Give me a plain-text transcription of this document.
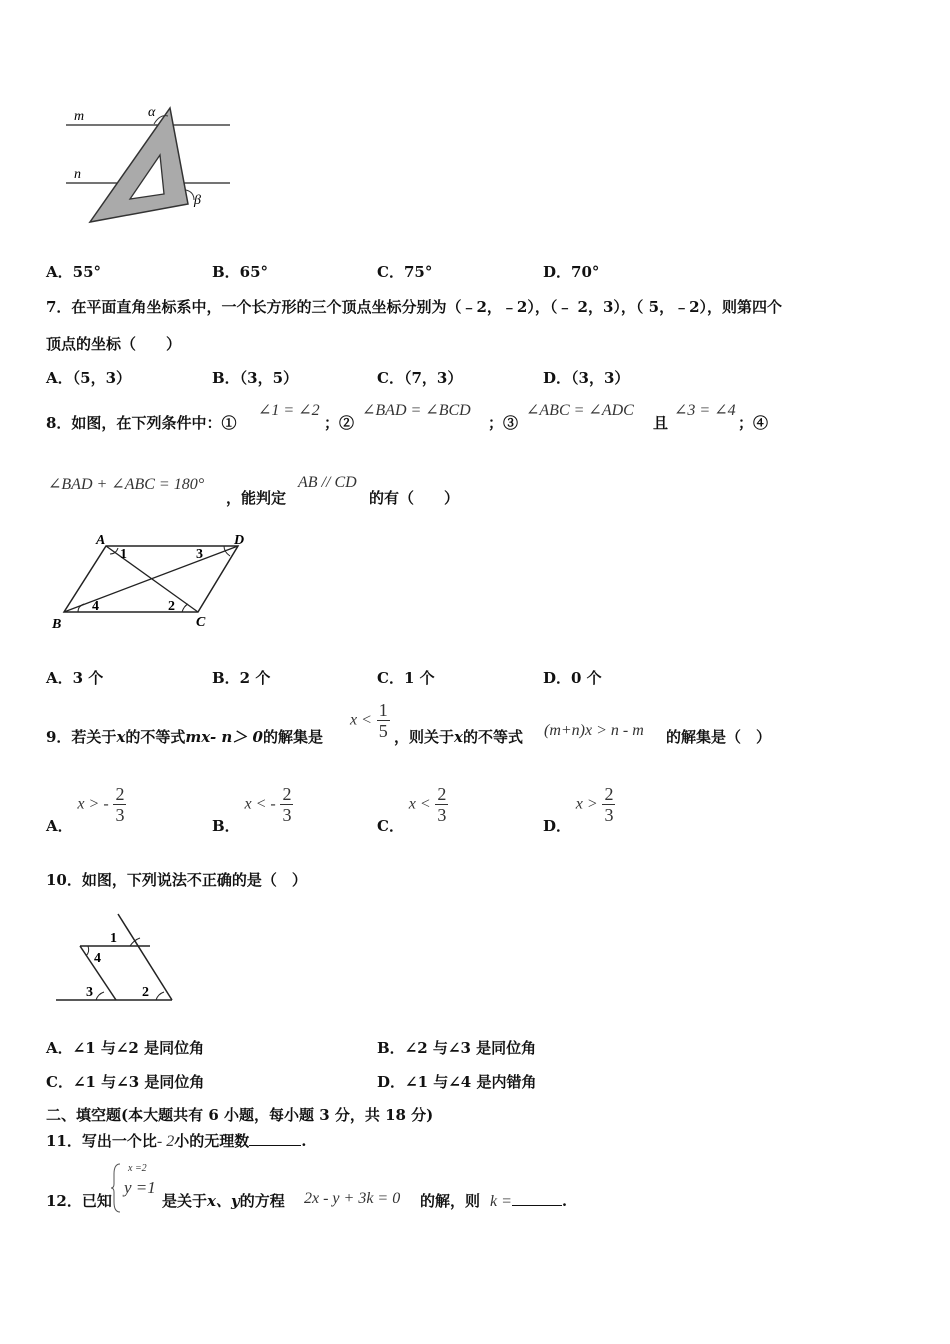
m
n
α
β
A．55°	B．65°	C．75°	D．70°
7．在平面直角坐标系中，一个长方形的三个顶点坐标分别为（﹣2，﹣2），（﹣ 2，3），（ 5，﹣2），则第四个
顶点的坐标（　　）
A．（5，3）	B．（3，5）	C．（7，3）	D．（3，3）
8．如图，在下列条件中：①
∠1 = ∠2
；②
∠BAD = ∠BCD
；③
∠ABC = ∠ADC
且
∠3 = ∠4
；④
∠BAD + ∠ABC = 180°
，能判定
AB // CD
的有（　　）
A	D
B	C
1
2
3
4
A．3 个	B．2 个	C．1 个	D．0 个
9．若关于x的不等式mx- n＞ 0的解集是
$x < \frac{1}{5}$ ，则关于x的不等式 (m+n)x > n - m 的解集是（　）
A． x > - $\frac{2}{3}$
B． x < - $\frac{2}{3}$
C． $x < \frac{2}{3}$
D． $x > \frac{2}{3}$
10．如图，下列说法不正确的是（　）
1
2
3
4
A．∠1 与∠2 是同位角	B．∠2 与∠3 是同位角
C．∠1 与∠3 是同位角	D．∠1 与∠4 是内错角
二、填空题(本大题共有 6 小题，每小题 3 分，共 18 分)
11．写出一个比- 2小的无理数	.
12．已知
x =2
y =1
是关于x、y的方程 2x - y + 3k = 0 的解，则 k =	.
